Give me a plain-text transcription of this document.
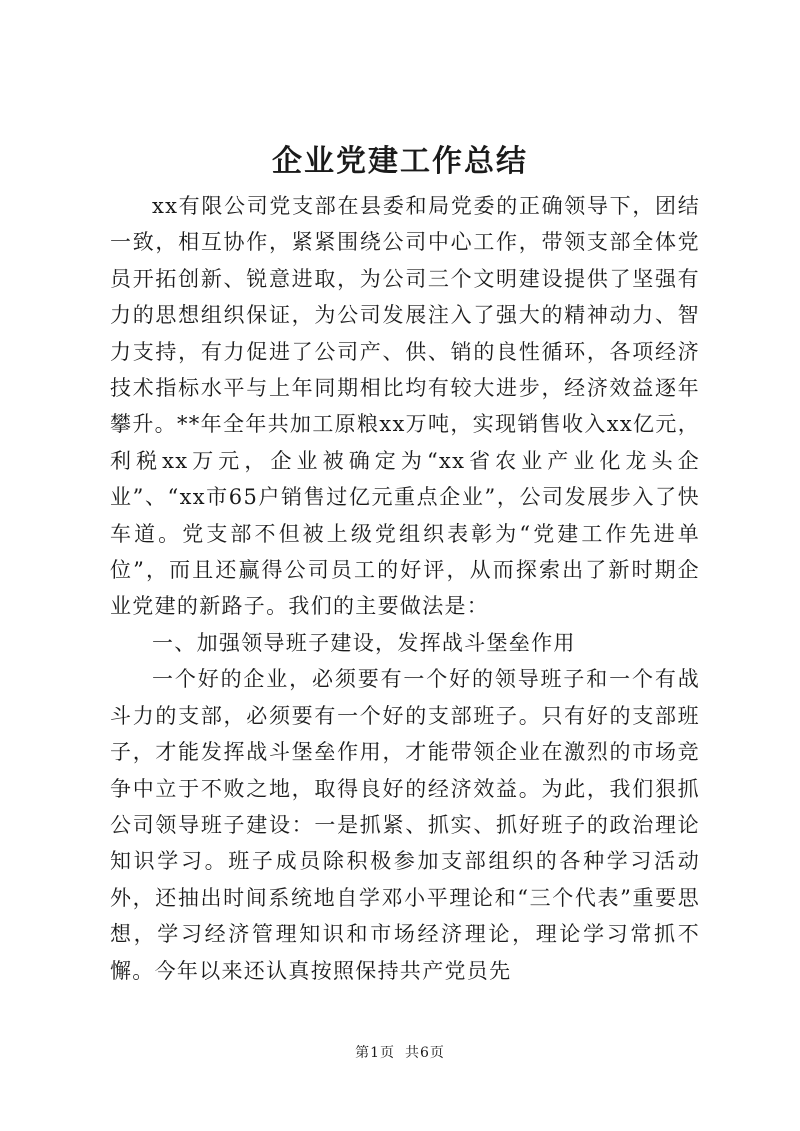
企业党建工作总结

xx有限公司党支部在县委和局党委的正确领导下，团结一致，相互协作，紧紧围绕公司中心工作，带领支部全体党员开拓创新、锐意进取，为公司三个文明建设提供了坚强有力的思想组织保证，为公司发展注入了强大的精神动力、智力支持，有力促进了公司产、供、销的良性循环，各项经济技术指标水平与上年同期相比均有较大进步，经济效益逐年攀升。**年全年共加工原粮xx万吨，实现销售收入xx亿元，利税xx万元，企业被确定为“xx省农业产业化龙头企业”、“xx市65户销售过亿元重点企业”，公司发展步入了快车道。党支部不但被上级党组织表彰为“党建工作先进单位”，而且还赢得公司员工的好评，从而探索出了新时期企业党建的新路子。我们的主要做法是：

一、加强领导班子建设，发挥战斗堡垒作用

一个好的企业，必须要有一个好的领导班子和一个有战斗力的支部，必须要有一个好的支部班子。只有好的支部班子，才能发挥战斗堡垒作用，才能带领企业在激烈的市场竞争中立于不败之地，取得良好的经济效益。为此，我们狠抓公司领导班子建设：一是抓紧、抓实、抓好班子的政治理论知识学习。班子成员除积极参加支部组织的各种学习活动外，还抽出时间系统地自学邓小平理论和“三个代表”重要思想，学习经济管理知识和市场经济理论，理论学习常抓不懈。今年以来还认真按照保持共产党员先

第1页 共6页
